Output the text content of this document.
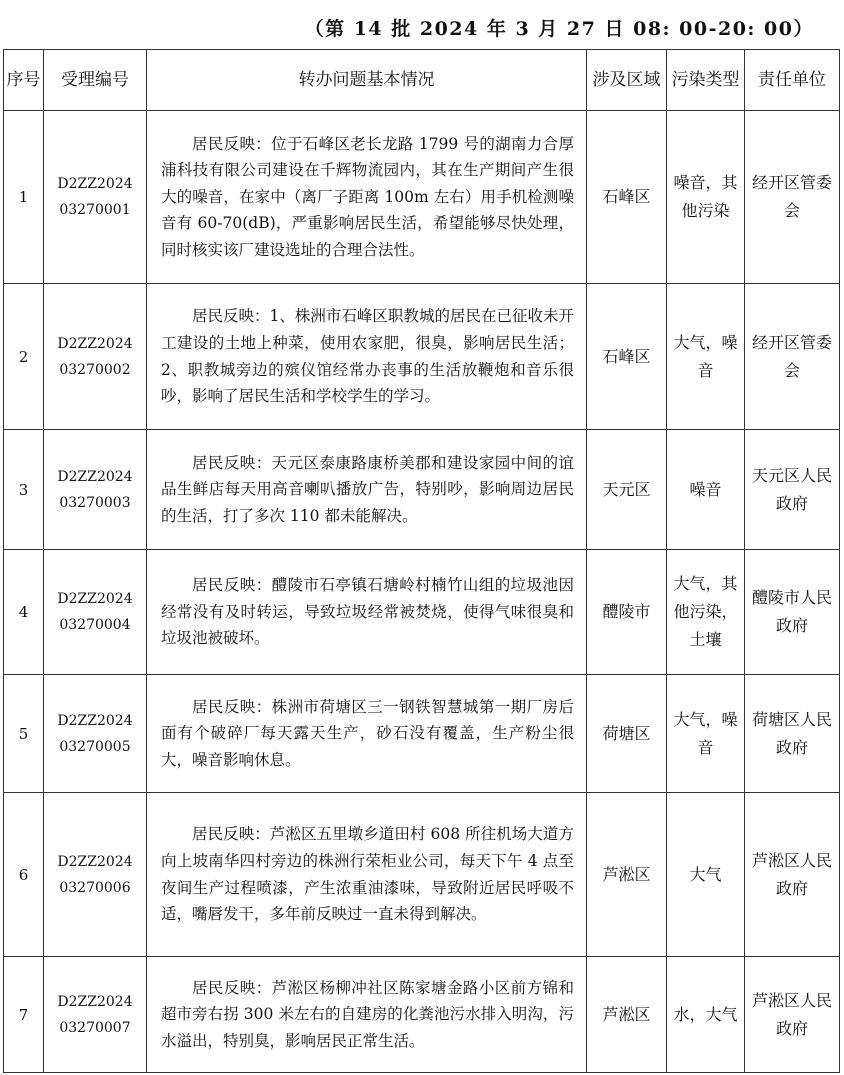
（第 14 批 2024 年 3 月 27 日 08: 00-20: 00）
序号	受理编号	转办问题基本情况	涉及区域	污染类型	责任单位
1	D2ZZ2024 03270001	居民反映：位于石峰区老长龙路 1799 号的湖南力合厚浦科技有限公司建设在千辉物流园内，其在生产期间产生很大的噪音，在家中（离厂子距离 100m 左右）用手机检测噪音有 60-70(dB)，严重影响居民生活，希望能够尽快处理，同时核实该厂建设选址的合理合法性。	石峰区	噪音，其他污染	经开区管委会
2	D2ZZ2024 03270002	居民反映：1、株洲市石峰区职教城的居民在已征收未开工建设的土地上种菜，使用农家肥，很臭，影响居民生活；2、职教城旁边的殡仪馆经常办丧事的生活放鞭炮和音乐很吵，影响了居民生活和学校学生的学习。	石峰区	大气，噪音	经开区管委会
3	D2ZZ2024 03270003	居民反映：天元区泰康路康桥美郡和建设家园中间的谊品生鲜店每天用高音喇叭播放广告，特别吵，影响周边居民的生活，打了多次 110 都未能解决。	天元区	噪音	天元区人民政府
4	D2ZZ2024 03270004	居民反映：醴陵市石亭镇石塘岭村楠竹山组的垃圾池因经常没有及时转运，导致垃圾经常被焚烧，使得气味很臭和垃圾池被破坏。	醴陵市	大气，其他污染，土壤	醴陵市人民政府
5	D2ZZ2024 03270005	居民反映：株洲市荷塘区三一钢铁智慧城第一期厂房后面有个破碎厂每天露天生产，砂石没有覆盖，生产粉尘很大，噪音影响休息。	荷塘区	大气，噪音	荷塘区人民政府
6	D2ZZ2024 03270006	居民反映：芦淞区五里墩乡道田村 608 所往机场大道方向上坡南华四村旁边的株洲行荣柜业公司，每天下午 4 点至夜间生产过程喷漆，产生浓重油漆味，导致附近居民呼吸不适，嘴唇发干，多年前反映过一直未得到解决。	芦淞区	大气	芦淞区人民政府
7	D2ZZ2024 03270007	居民反映：芦淞区杨柳冲社区陈家塘金路小区前方锦和超市旁右拐 300 米左右的自建房的化粪池污水排入明沟，污水溢出，特别臭，影响居民正常生活。	芦淞区	水，大气	芦淞区人民政府
